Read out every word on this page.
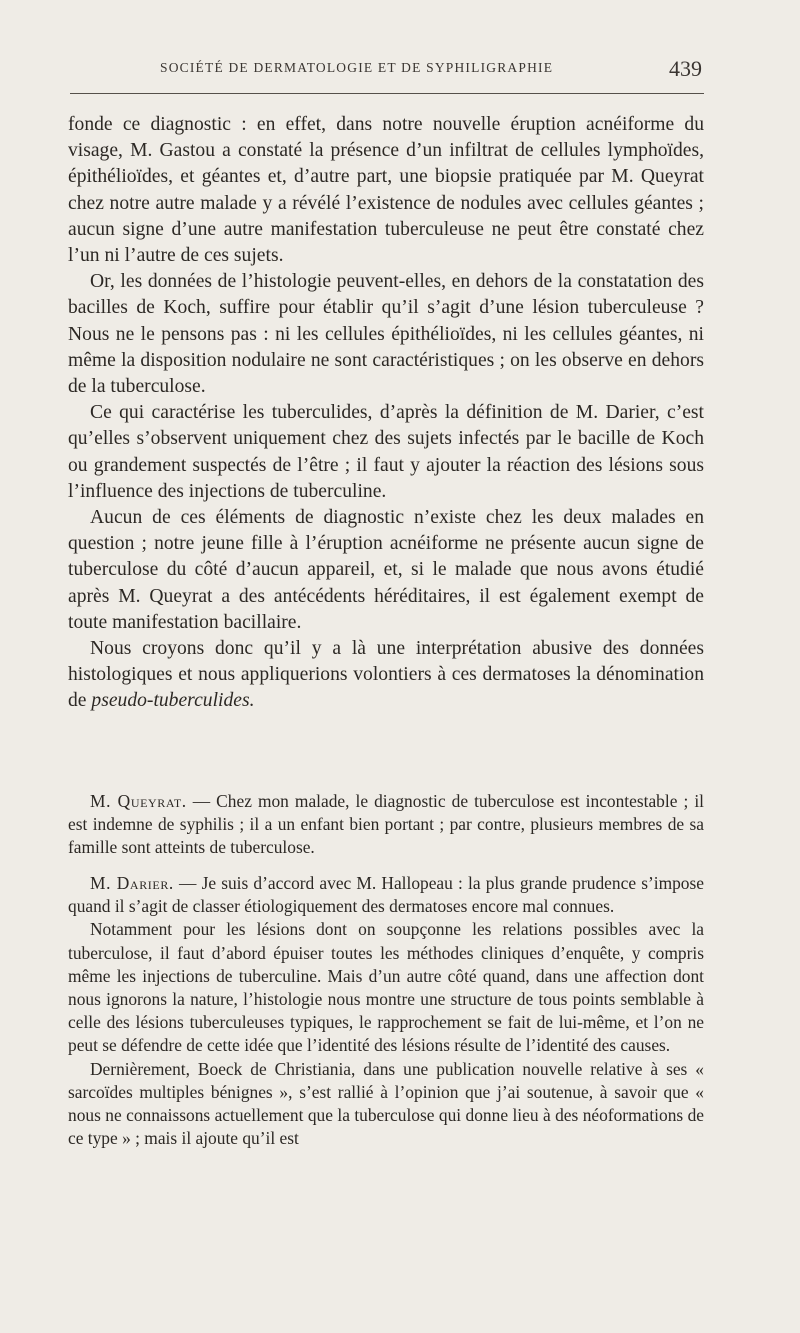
SOCIÉTÉ DE DERMATOLOGIE ET DE SYPHILIGRAPHIE	439

fonde ce diagnostic : en effet, dans notre nouvelle éruption acnéiforme du visage, M. Gastou a constaté la présence d’un infiltrat de cellules lymphoïdes, épithélioïdes, et géantes et, d’autre part, une biopsie pratiquée par M. Queyrat chez notre autre malade y a révélé l’existence de nodules avec cellules géantes ; aucun signe d’une autre manifestation tuberculeuse ne peut être constaté chez l’un ni l’autre de ces sujets.

Or, les données de l’histologie peuvent-elles, en dehors de la constatation des bacilles de Koch, suffire pour établir qu’il s’agit d’une lésion tuberculeuse ? Nous ne le pensons pas : ni les cellules épithélioïdes, ni les cellules géantes, ni même la disposition nodulaire ne sont caractéristiques ; on les observe en dehors de la tuberculose.

Ce qui caractérise les tuberculides, d’après la définition de M. Darier, c’est qu’elles s’observent uniquement chez des sujets infectés par le bacille de Koch ou grandement suspectés de l’être ; il faut y ajouter la réaction des lésions sous l’influence des injections de tuberculine.

Aucun de ces éléments de diagnostic n’existe chez les deux malades en question ; notre jeune fille à l’éruption acnéiforme ne présente aucun signe de tuberculose du côté d’aucun appareil, et, si le malade que nous avons étudié après M. Queyrat a des antécédents héréditaires, il est également exempt de toute manifestation bacillaire.

Nous croyons donc qu’il y a là une interprétation abusive des données histologiques et nous appliquerions volontiers à ces dermatoses la dénomination de pseudo-tuberculides.

M. Queyrat. — Chez mon malade, le diagnostic de tuberculose est incontestable ; il est indemne de syphilis ; il a un enfant bien portant ; par contre, plusieurs membres de sa famille sont atteints de tuberculose.

M. Darier. — Je suis d’accord avec M. Hallopeau : la plus grande prudence s’impose quand il s’agit de classer étiologiquement des dermatoses encore mal connues.

Notamment pour les lésions dont on soupçonne les relations possibles avec la tuberculose, il faut d’abord épuiser toutes les méthodes cliniques d’enquête, y compris même les injections de tuberculine. Mais d’un autre côté quand, dans une affection dont nous ignorons la nature, l’histologie nous montre une structure de tous points semblable à celle des lésions tuberculeuses typiques, le rapprochement se fait de lui-même, et l’on ne peut se défendre de cette idée que l’identité des lésions résulte de l’identité des causes.

Dernièrement, Boeck de Christiania, dans une publication nouvelle relative à ses « sarcoïdes multiples bénignes », s’est rallié à l’opinion que j’ai soutenue, à savoir que « nous ne connaissons actuellement que la tuberculose qui donne lieu à des néoformations de ce type » ; mais il ajoute qu’il est
